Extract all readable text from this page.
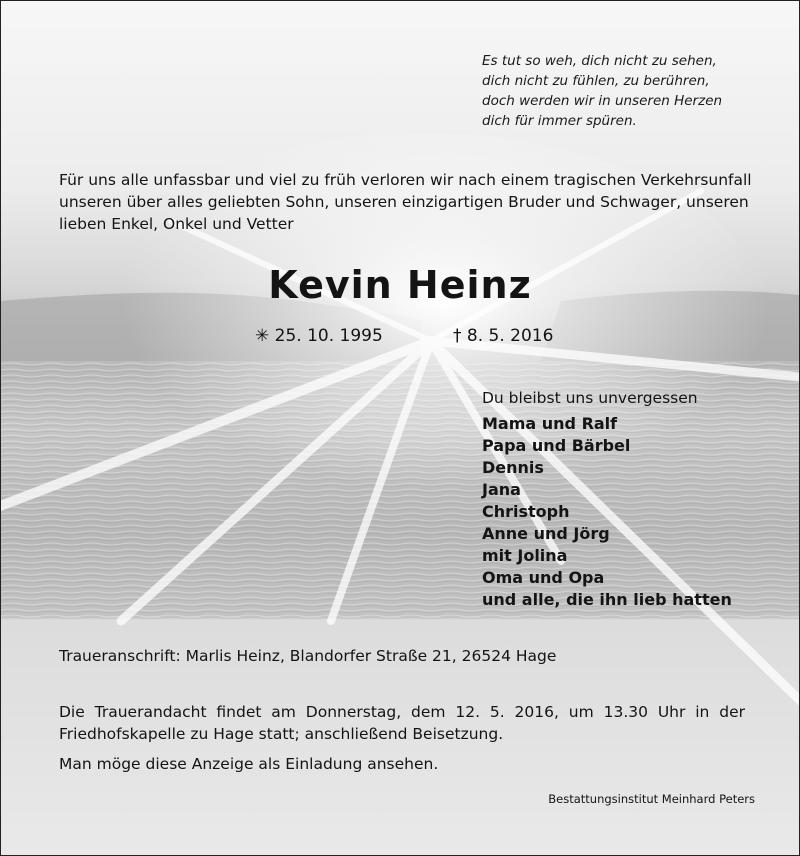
Es tut so weh, dich nicht zu sehen,
dich nicht zu fühlen, zu berühren,
doch werden wir in unseren Herzen
dich für immer spüren.
Für uns alle unfassbar und viel zu früh verloren wir nach einem tragischen Verkehrsunfall
unseren über alles geliebten Sohn, unseren einzigartigen Bruder und Schwager, unseren
lieben Enkel, Onkel und Vetter
Kevin Heinz
✳ 25. 10. 1995	† 8. 5. 2016
Du bleibst uns unvergessen
Mama und Ralf
Papa und Bärbel
Dennis
Jana
Christoph
Anne und Jörg
mit Jolina
Oma und Opa
und alle, die ihn lieb hatten
Traueranschrift: Marlis Heinz, Blandorfer Straße 21, 26524 Hage
Die Trauerandacht findet am Donnerstag, dem 12. 5. 2016, um 13.30 Uhr in der
Friedhofskapelle zu Hage statt; anschließend Beisetzung.
Man möge diese Anzeige als Einladung ansehen.
Bestattungsinstitut Meinhard Peters
